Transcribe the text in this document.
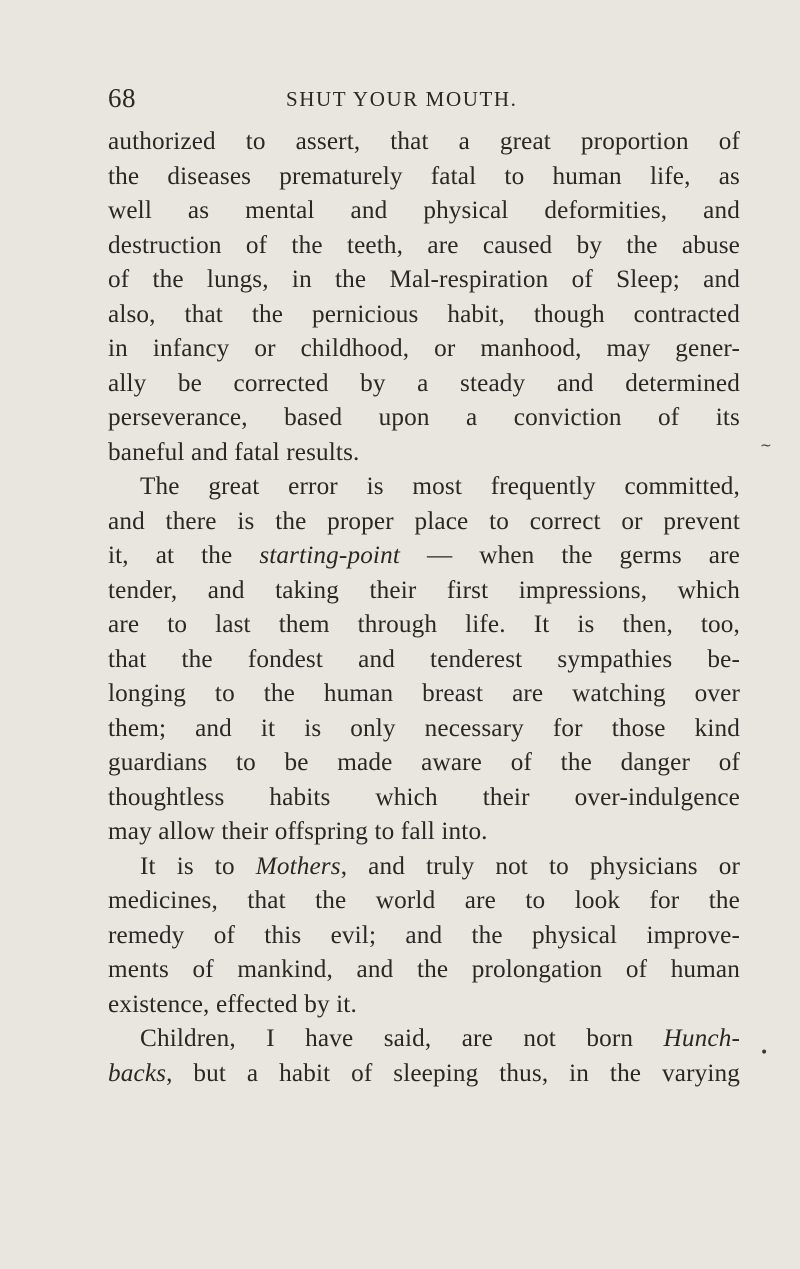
68	SHUT YOUR MOUTH.
authorized to assert, that a great proportion of
the diseases prematurely fatal to human life, as
well as mental and physical deformities, and
destruction of the teeth, are caused by the abuse
of the lungs, in the Mal-respiration of Sleep; and
also, that the pernicious habit, though contracted
in infancy or childhood, or manhood, may gener-
ally be corrected by a steady and determined
perseverance, based upon a conviction of its
baneful and fatal results.
The great error is most frequently committed,
and there is the proper place to correct or prevent
it, at the starting-point — when the germs are
tender, and taking their first impressions, which
are to last them through life. It is then, too,
that the fondest and tenderest sympathies be-
longing to the human breast are watching over
them; and it is only necessary for those kind
guardians to be made aware of the danger of
thoughtless habits which their over-indulgence
may allow their offspring to fall into.
It is to Mothers, and truly not to physicians or
medicines, that the world are to look for the
remedy of this evil; and the physical improve-
ments of mankind, and the prolongation of human
existence, effected by it.
Children, I have said, are not born Hunch-
backs, but a habit of sleeping thus, in the varying
~
•
